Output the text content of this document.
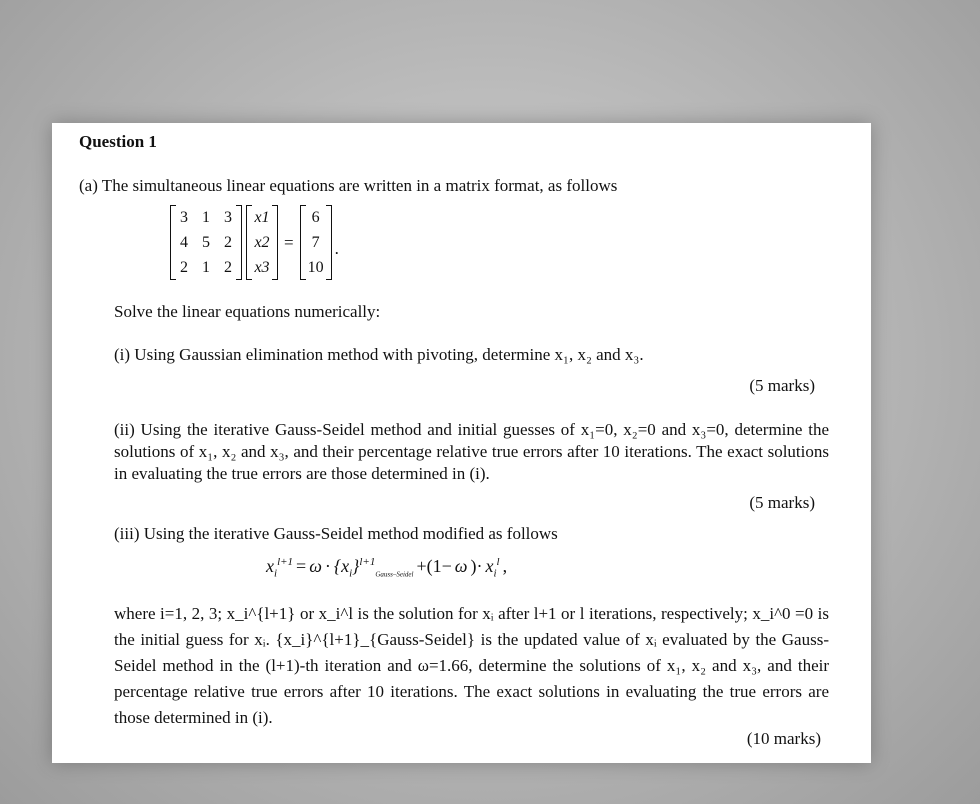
Question 1
(a) The simultaneous linear equations are written in a matrix format, as follows
3 1 3
4 5 2
2 1 2
x1
x2
x3
=
6
7
10
.
Solve the linear equations numerically:
(i) Using Gaussian elimination method with pivoting, determine x₁, x₂ and x₃.
(5 marks)
(ii) Using the iterative Gauss-Seidel method and initial guesses of x₁=0, x₂=0 and x₃=0, determine the solutions of x₁, x₂ and x₃, and their percentage relative true errors after 10 iterations. The exact solutions in evaluating the true errors are those determined in (i).
(5 marks)
(iii) Using the iterative Gauss-Seidel method modified as follows
$x_i^{l+1} = \omega \cdot \{x_i\}^{l+1}_{Gauss-Seidel} +(1- \omega$ )· $x_i^l$ ,
where i=1, 2, 3; x_i^{l+1} or x_i^l is the solution for xᵢ after l+1 or l iterations, respectively; x_i^0 =0 is the initial guess for xᵢ. {x_i}^{l+1}_{Gauss-Seidel} is the updated value of xᵢ evaluated by the Gauss-Seidel method in the (l+1)-th iteration and ω=1.66, determine the solutions of x₁, x₂ and x₃, and their percentage relative true errors after 10 iterations. The exact solutions in evaluating the true errors are those determined in (i).
(10 marks)
